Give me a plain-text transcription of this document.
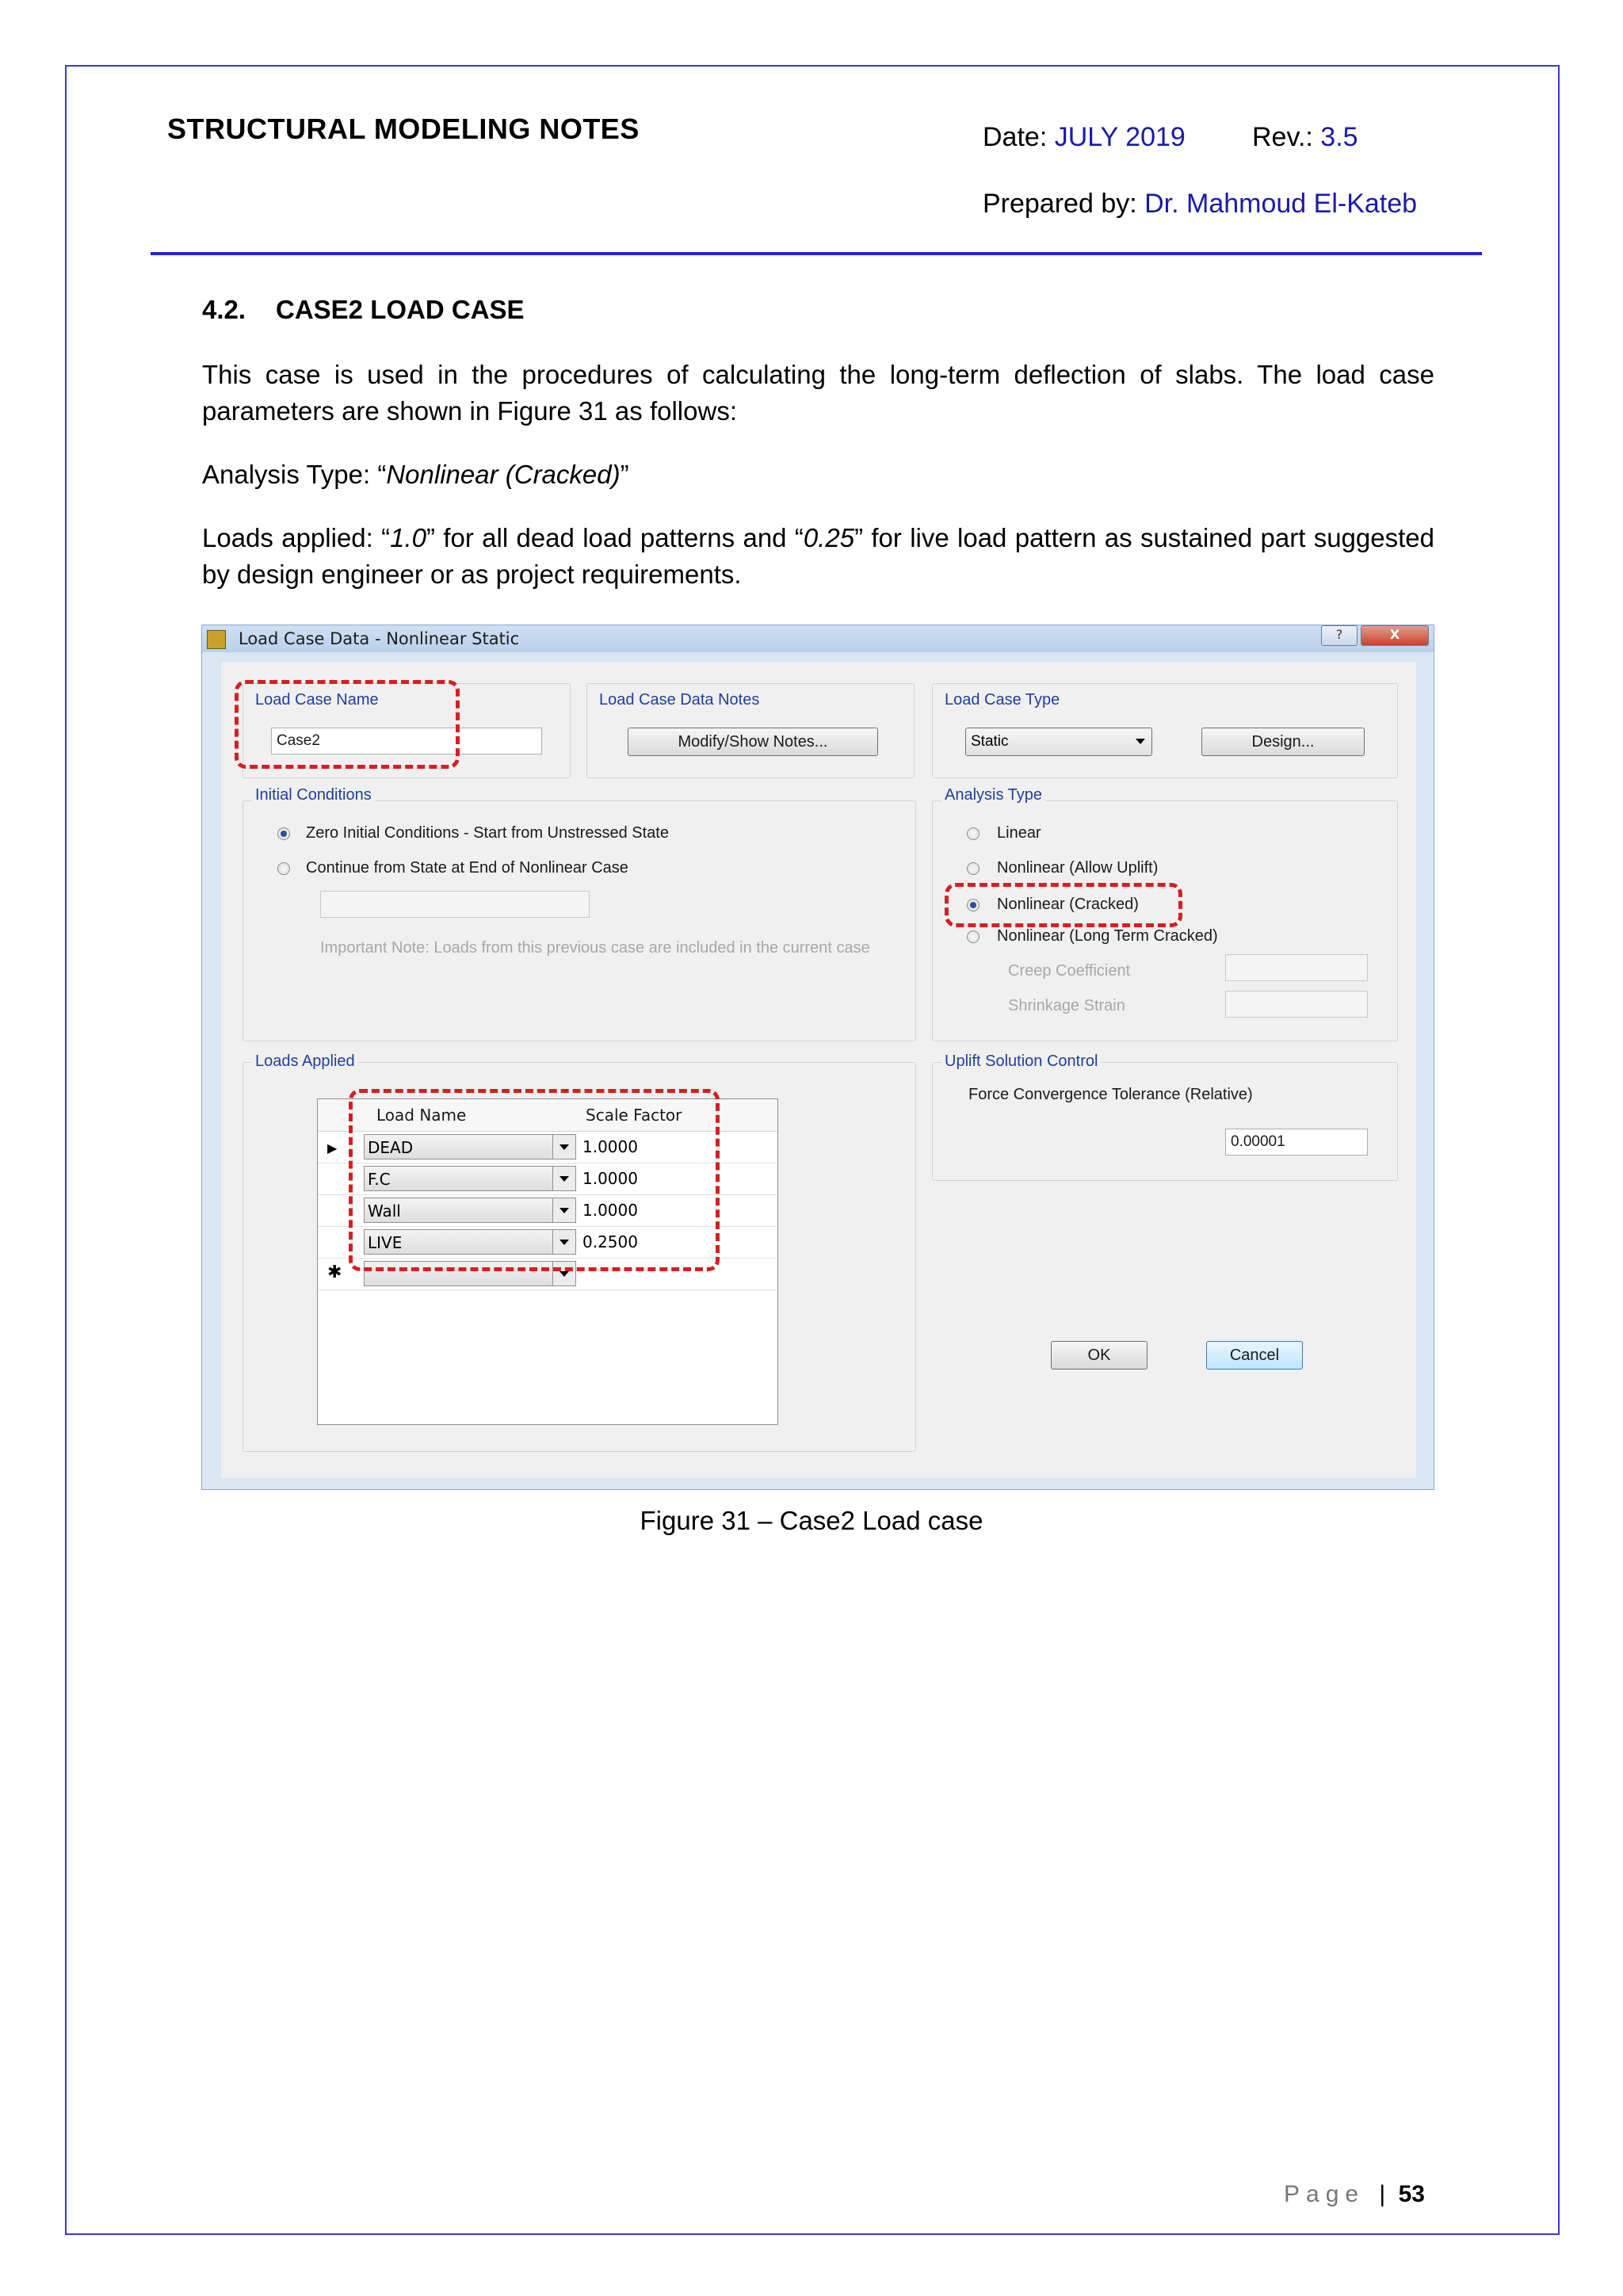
STRUCTURAL MODELING NOTES	Date: JULY 2019 Rev.: 3.5
Prepared by: Dr. Mahmoud El-Kateb
4.2. CASE2 LOAD CASE
This case is used in the procedures of calculating the long-term deflection of slabs. The load case parameters are shown in Figure 31 as follows:
Analysis Type: “Nonlinear (Cracked)”
Loads applied: “1.0” for all dead load patterns and “0.25” for live load pattern as sustained part suggested by design engineer or as project requirements.
Load Case Data - Nonlinear Static	?	X
Load Case Name
Case2
Load Case Data Notes
Modify/Show Notes...
Load Case Type
Static	Design...
Initial Conditions
Zero Initial Conditions - Start from Unstressed State
Continue from State at End of Nonlinear Case
Important Note: Loads from this previous case are included in the current case
Analysis Type
Linear
Nonlinear (Allow Uplift)
Nonlinear (Cracked)
Nonlinear (Long Term Cracked)
Creep Coefficient
Shrinkage Strain
Loads Applied
Load Name	Scale Factor
▶ DEAD	1.0000
F.C	1.0000
Wall	1.0000
LIVE	0.2500
✱
Uplift Solution Control
Force Convergence Tolerance (Relative)
0.00001
OK	Cancel
Figure 31 – Case2 Load case
Page | 53
